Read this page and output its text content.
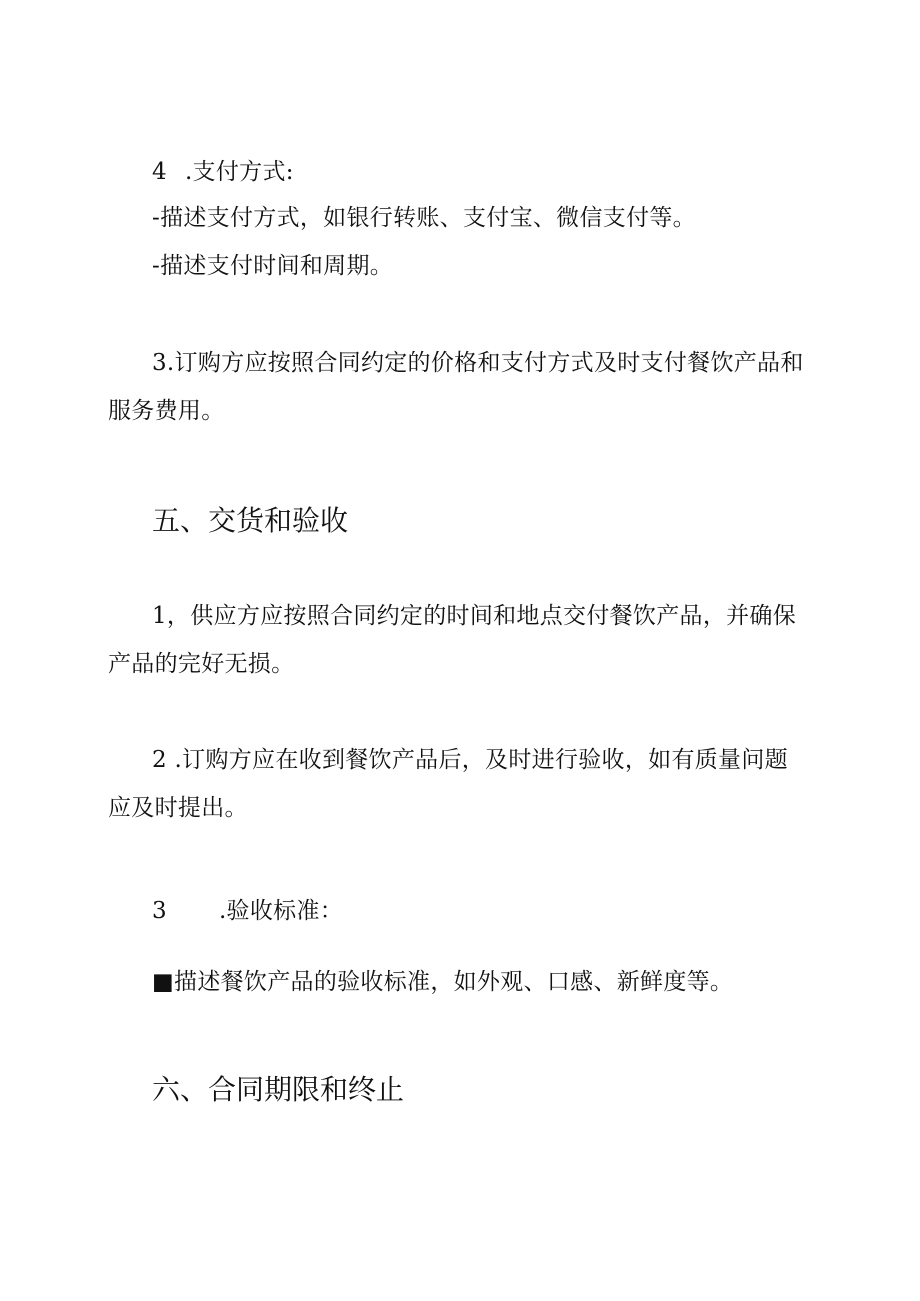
4 .支付方式:
-描述支付方式，如银行转账、支付宝、微信支付等。
-描述支付时间和周期。
3.订购方应按照合同约定的价格和支付方式及时支付餐饮产品和
服务费用。
五、交货和验收
1，供应方应按照合同约定的时间和地点交付餐饮产品，并确保
产品的完好无损。
2 .订购方应在收到餐饮产品后，及时进行验收，如有质量问题
应及时提出。
3 .验收标准：
■描述餐饮产品的验收标准，如外观、口感、新鲜度等。
六、合同期限和终止
